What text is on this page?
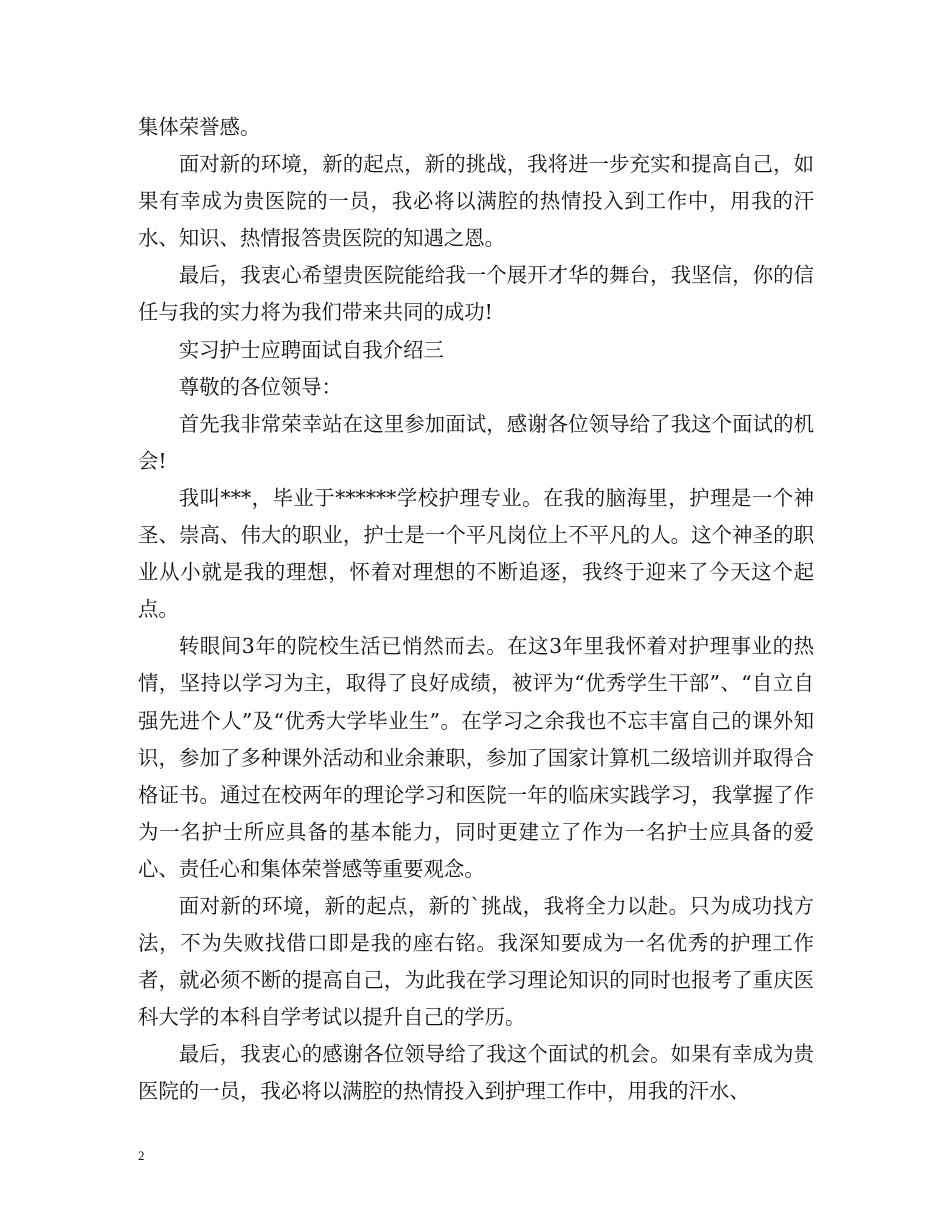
集体荣誉感。

面对新的环境，新的起点，新的挑战，我将进一步充实和提高自己，如果有幸成为贵医院的一员，我必将以满腔的热情投入到工作中，用我的汗水、知识、热情报答贵医院的知遇之恩。

最后，我衷心希望贵医院能给我一个展开才华的舞台，我坚信，你的信任与我的实力将为我们带来共同的成功!

实习护士应聘面试自我介绍三

尊敬的各位领导：

首先我非常荣幸站在这里参加面试，感谢各位领导给了我这个面试的机会!

我叫***，毕业于******学校护理专业。在我的脑海里，护理是一个神圣、崇高、伟大的职业，护士是一个平凡岗位上不平凡的人。这个神圣的职业从小就是我的理想，怀着对理想的不断追逐，我终于迎来了今天这个起点。

转眼间3年的院校生活已悄然而去。在这3年里我怀着对护理事业的热情，坚持以学习为主，取得了良好成绩，被评为“优秀学生干部”、“自立自强先进个人”及“优秀大学毕业生”。在学习之余我也不忘丰富自己的课外知识，参加了多种课外活动和业余兼职，参加了国家计算机二级培训并取得合格证书。通过在校两年的理论学习和医院一年的临床实践学习，我掌握了作为一名护士所应具备的基本能力，同时更建立了作为一名护士应具备的爱心、责任心和集体荣誉感等重要观念。

面对新的环境，新的起点，新的`挑战，我将全力以赴。只为成功找方法，不为失败找借口即是我的座右铭。我深知要成为一名优秀的护理工作者，就必须不断的提高自己，为此我在学习理论知识的同时也报考了重庆医科大学的本科自学考试以提升自己的学历。

最后，我衷心的感谢各位领导给了我这个面试的机会。如果有幸成为贵医院的一员，我必将以满腔的热情投入到护理工作中，用我的汗水、

2
